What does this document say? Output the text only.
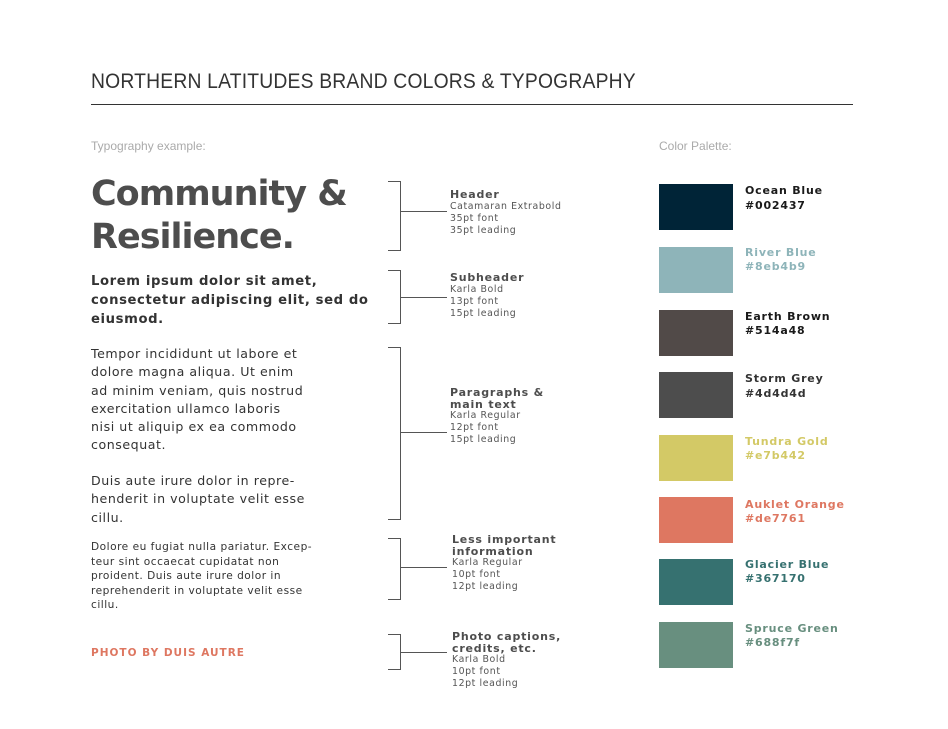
NORTHERN LATITUDES BRAND COLORS & TYPOGRAPHY
Typography example:	Color Palette:
Community & Resilience.
Lorem ipsum dolor sit amet, consectetur adipiscing elit, sed do eiusmod.
Tempor incididunt ut labore et
dolore magna aliqua. Ut enim
ad minim veniam, quis nostrud
exercitation ullamco laboris
nisi ut aliquip ex ea commodo
consequat.
Duis aute irure dolor in repre-
henderit in voluptate velit esse
cillu.
Dolore eu fugiat nulla pariatur. Excep-
teur sint occaecat cupidatat non
proident. Duis aute irure dolor in
reprehenderit in voluptate velit esse
cillu.
PHOTO BY DUIS AUTRE
Header
Catamaran Extrabold
35pt font
35pt leading
Subheader
Karla Bold
13pt font
15pt leading
Paragraphs &
main text
Karla Regular
12pt font
15pt leading
Less important
information
Karla Regular
10pt font
12pt leading
Photo captions,
credits, etc.
Karla Bold
10pt font
12pt leading
Ocean Blue
#002437
River Blue
#8eb4b9
Earth Brown
#514a48
Storm Grey
#4d4d4d
Tundra Gold
#e7b442
Auklet Orange
#de7761
Glacier Blue
#367170
Spruce Green
#688f7f
